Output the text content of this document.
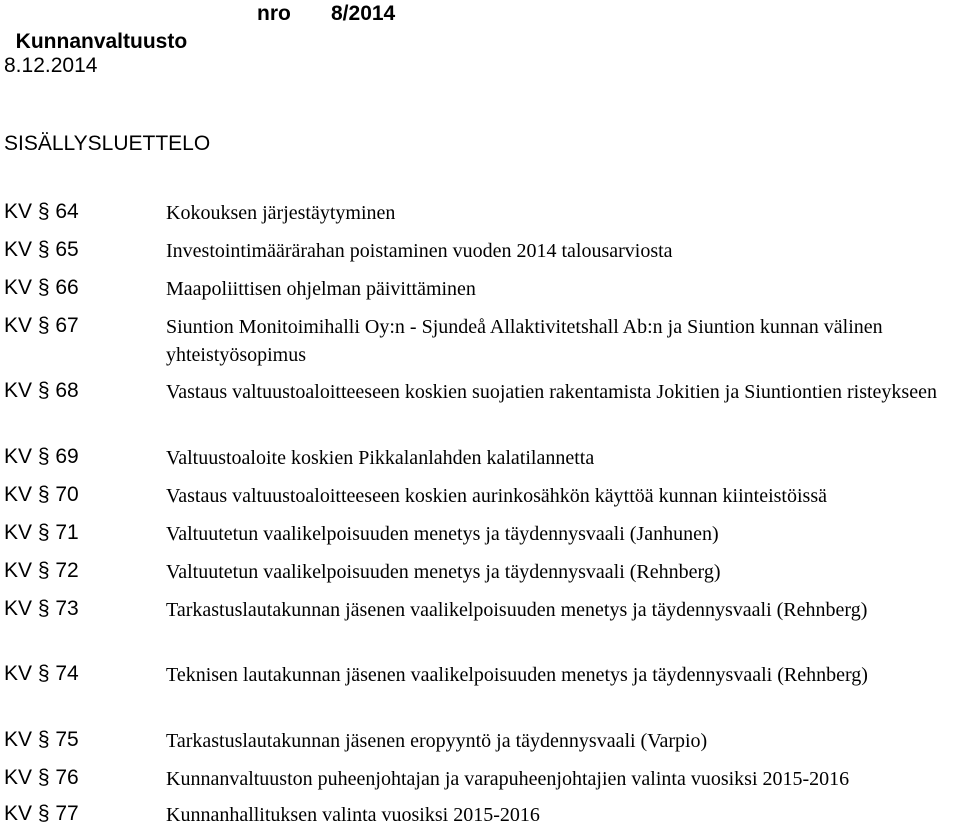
Kunnanvaltuusto

nro

8/2014

8.12.2014
SISÄLLYSLUETTELO
KV § 64	Kokouksen järjestäytyminen
KV § 65	Investointimäärärahan poistaminen vuoden 2014 talousarviosta
KV § 66	Maapoliittisen ohjelman päivittäminen
KV § 67	Siuntion Monitoimihalli Oy:n - Sjundeå Allaktivitetshall Ab:n ja Siuntion kunnan välinen yhteistyösopimus
KV § 68	Vastaus valtuustoaloitteeseen koskien suojatien rakentamista Jokitien ja Siuntiontien risteykseen
KV § 69	Valtuustoaloite koskien Pikkalanlahden kalatilannetta
KV § 70	Vastaus valtuustoaloitteeseen koskien aurinkosähkön käyttöä kunnan kiinteistöissä
KV § 71	Valtuutetun vaalikelpoisuuden menetys ja täydennysvaali (Janhunen)
KV § 72	Valtuutetun vaalikelpoisuuden menetys ja täydennysvaali (Rehnberg)
KV § 73	Tarkastuslautakunnan jäsenen vaalikelpoisuuden menetys ja täydennysvaali (Rehnberg)
KV § 74	Teknisen lautakunnan jäsenen vaalikelpoisuuden menetys ja täydennysvaali (Rehnberg)
KV § 75	Tarkastuslautakunnan jäsenen eropyyntö ja täydennysvaali (Varpio)
KV § 76	Kunnanvaltuuston puheenjohtajan ja varapuheenjohtajien valinta vuosiksi 2015-2016
KV § 77	Kunnanhallituksen valinta vuosiksi 2015-2016
